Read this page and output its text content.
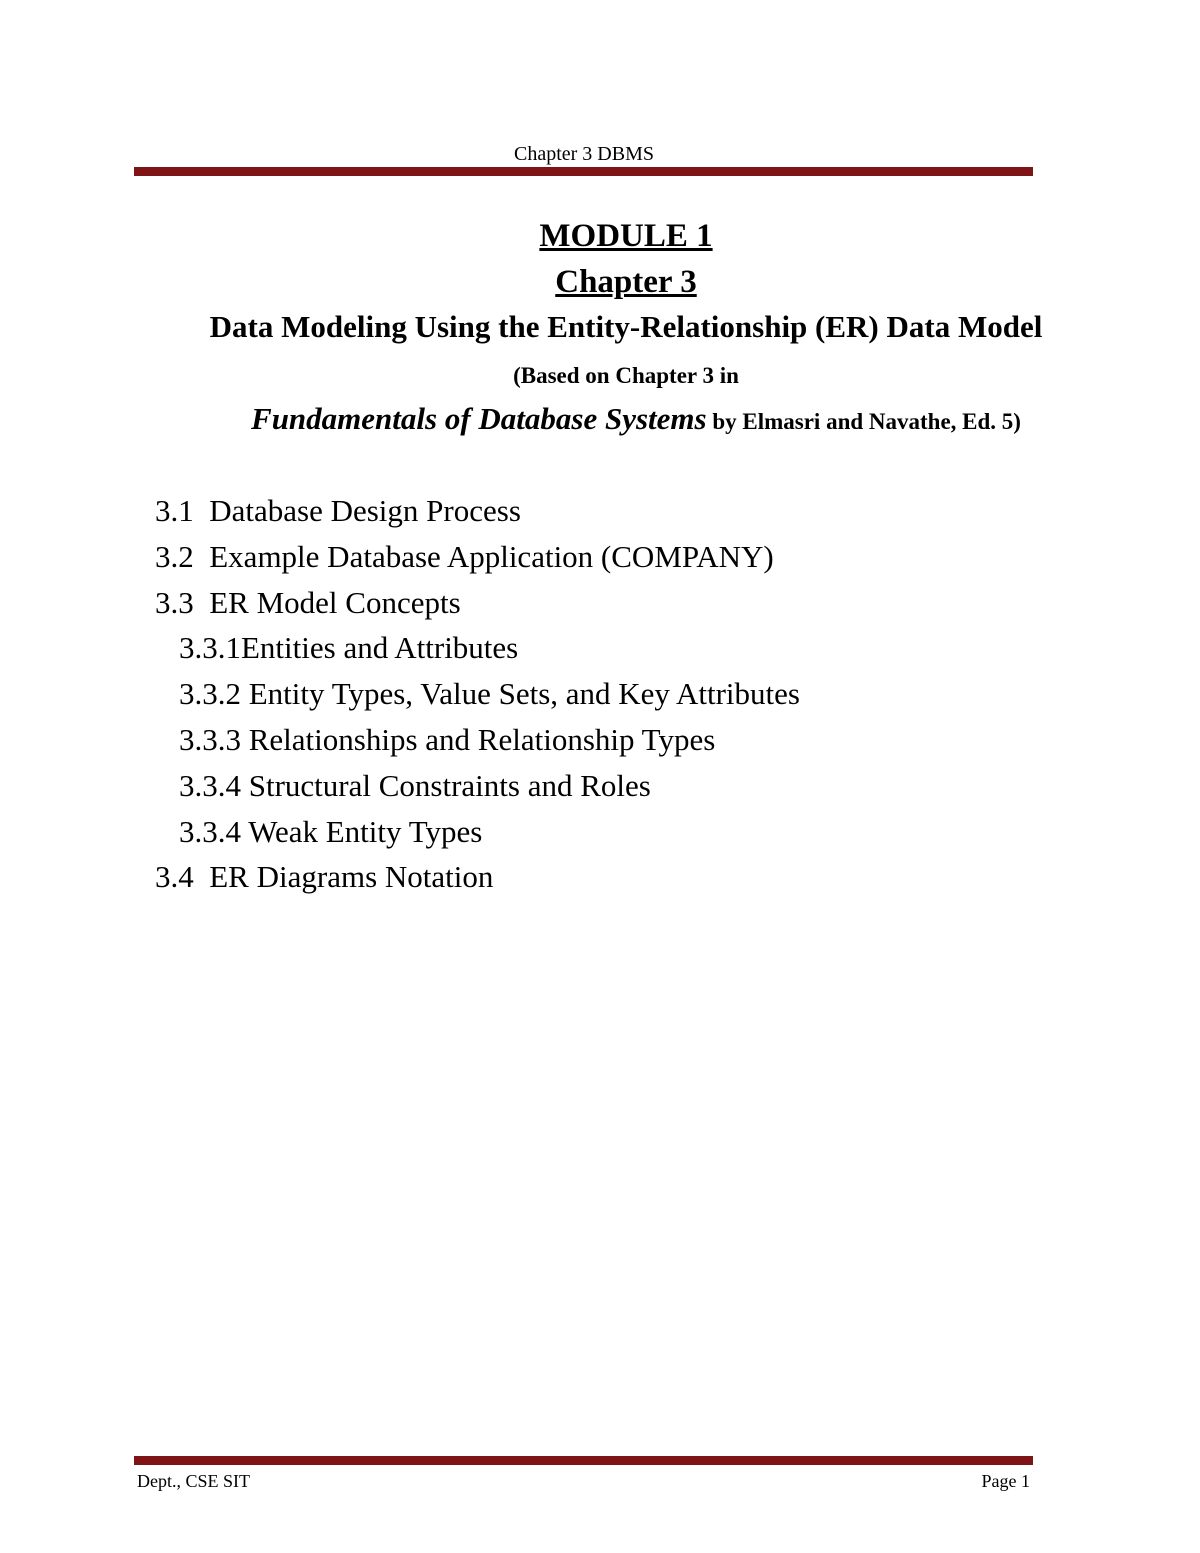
Chapter 3 DBMS
MODULE 1
Chapter 3
Data Modeling Using the Entity-Relationship (ER) Data Model
(Based on Chapter 3 in
Fundamentals of Database Systems by Elmasri and Navathe, Ed. 5)
3.1  Database Design Process
3.2  Example Database Application (COMPANY)
3.3  ER Model Concepts
3.3.1Entities and Attributes
3.3.2 Entity Types, Value Sets, and Key Attributes
3.3.3 Relationships and Relationship Types
3.3.4 Structural Constraints and Roles
3.3.4 Weak Entity Types
3.4  ER Diagrams Notation
Dept., CSE SIT	Page 1
